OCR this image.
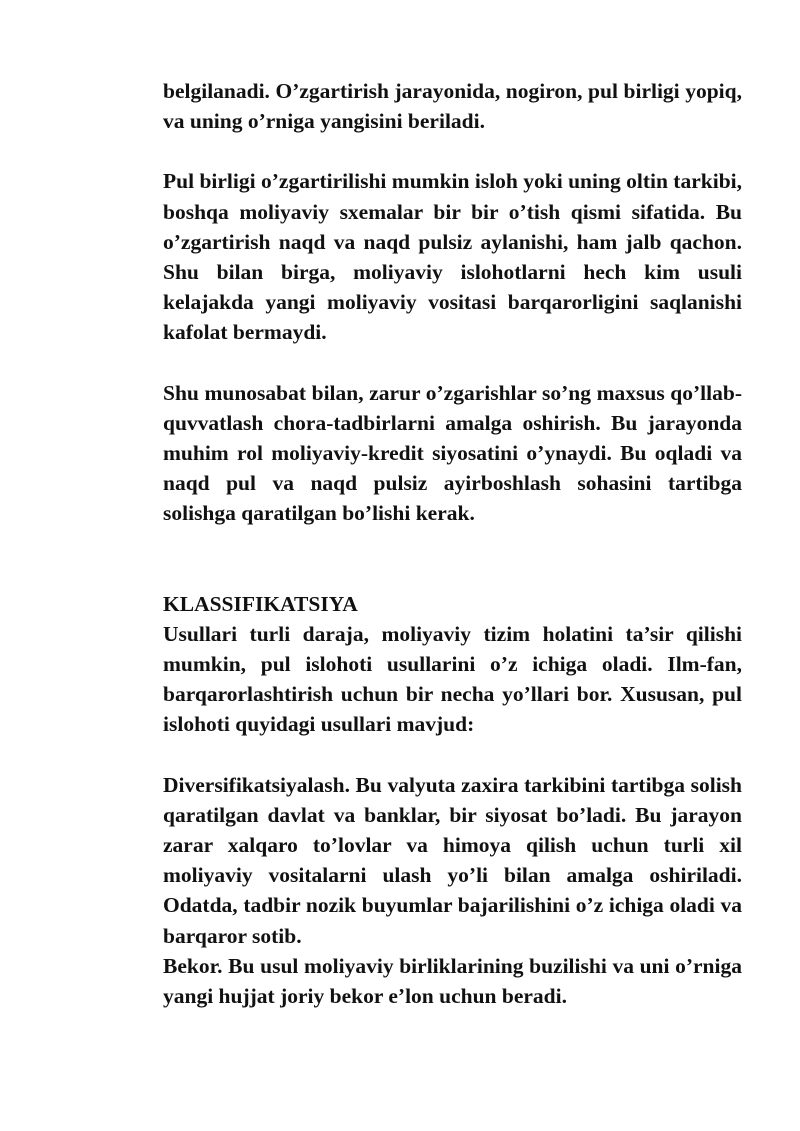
belgilanadi. O’zgartirish jarayonida, nogiron, pul birligi yopiq, va uning o’rniga yangisini beriladi.

Pul birligi o’zgartirilishi mumkin isloh yoki uning oltin tarkibi, boshqa moliyaviy sxemalar bir bir o’tish qismi sifatida. Bu o’zgartirish naqd va naqd pulsiz aylanishi, ham jalb qachon. Shu bilan birga, moliyaviy islohotlarni hech kim usuli kelajakda yangi moliyaviy vositasi barqarorligini saqlanishi kafolat bermaydi.

Shu munosabat bilan, zarur o’zgarishlar so’ng maxsus qo’llab-quvvatlash chora-tadbirlarni amalga oshirish. Bu jarayonda muhim rol moliyaviy-kredit siyosatini o’ynaydi. Bu oqladi va naqd pul va naqd pulsiz ayirboshlash sohasini tartibga solishga qaratilgan bo’lishi kerak.

KLASSIFIKATSIYA

Usullari turli daraja, moliyaviy tizim holatini ta’sir qilishi mumkin, pul islohoti usullarini o’z ichiga oladi. Ilm-fan, barqarorlashtirish uchun bir necha yo’llari bor. Xususan, pul islohoti quyidagi usullari mavjud:

Diversifikatsiyalash. Bu valyuta zaxira tarkibini tartibga solish qaratilgan davlat va banklar, bir siyosat bo’ladi. Bu jarayon zarar xalqaro to’lovlar va himoya qilish uchun turli xil moliyaviy vositalarni ulash yo’li bilan amalga oshiriladi. Odatda, tadbir nozik buyumlar bajarilishini o’z ichiga oladi va barqaror sotib.

Bekor. Bu usul moliyaviy birliklarining buzilishi va uni o’rniga yangi hujjat joriy bekor e’lon uchun beradi.
